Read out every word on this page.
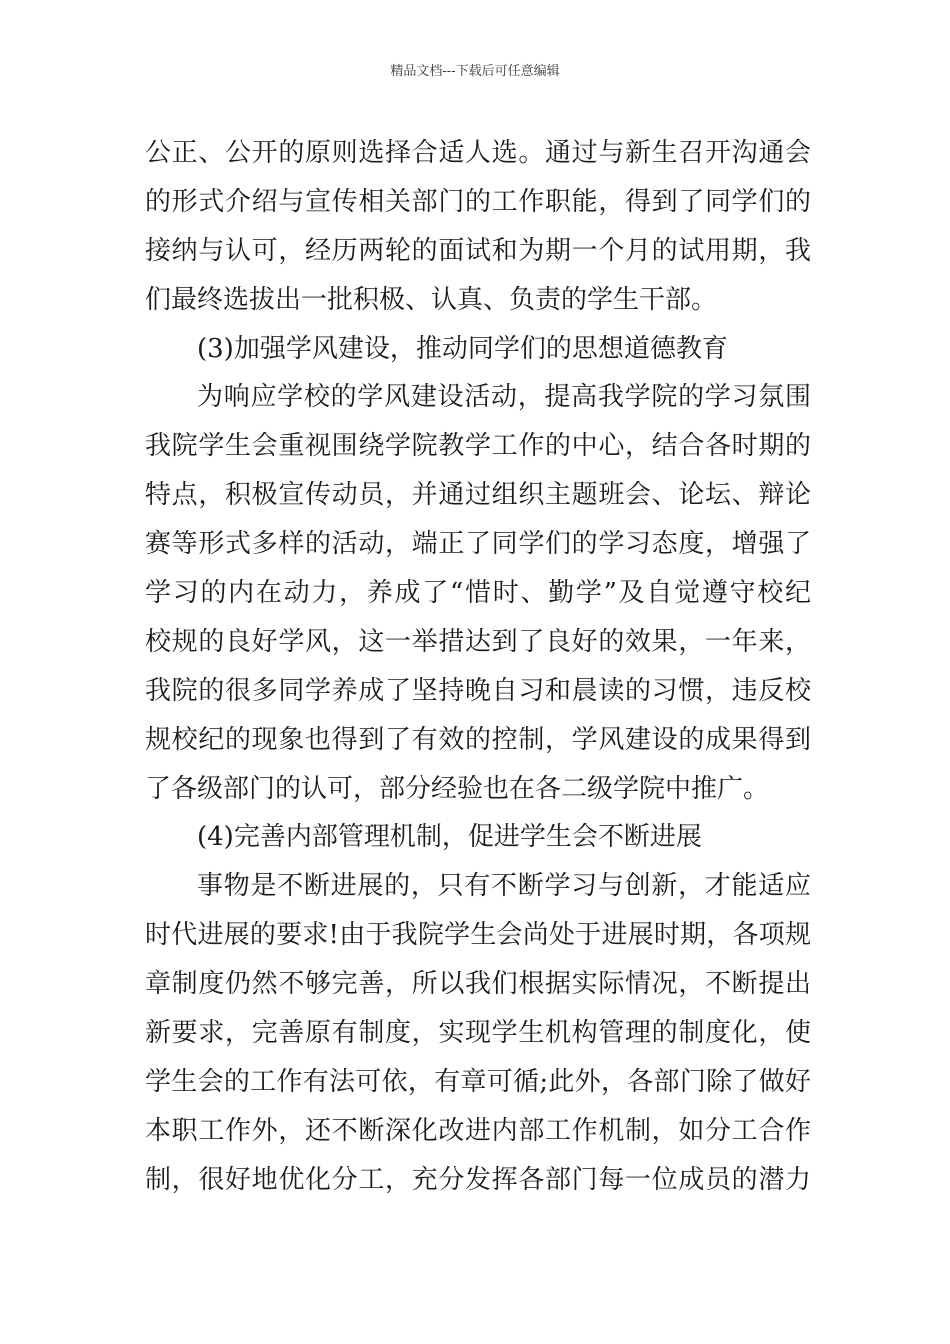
精品文档---下载后可任意编辑
公正、公开的原则选择合适人选。通过与新生召开沟通会
的形式介绍与宣传相关部门的工作职能，得到了同学们的
接纳与认可，经历两轮的面试和为期一个月的试用期，我
们最终选拔出一批积极、认真、负责的学生干部。
(3)加强学风建设，推动同学们的思想道德教育
为响应学校的学风建设活动，提高我学院的学习氛围
我院学生会重视围绕学院教学工作的中心，结合各时期的
特点，积极宣传动员，并通过组织主题班会、论坛、辩论
赛等形式多样的活动，端正了同学们的学习态度，增强了
学习的内在动力，养成了“惜时、勤学”及自觉遵守校纪
校规的良好学风，这一举措达到了良好的效果，一年来，
我院的很多同学养成了坚持晚自习和晨读的习惯，违反校
规校纪的现象也得到了有效的控制，学风建设的成果得到
了各级部门的认可，部分经验也在各二级学院中推广。
(4)完善内部管理机制，促进学生会不断进展
事物是不断进展的，只有不断学习与创新，才能适应
时代进展的要求!由于我院学生会尚处于进展时期，各项规
章制度仍然不够完善，所以我们根据实际情况，不断提出
新要求，完善原有制度，实现学生机构管理的制度化，使
学生会的工作有法可依，有章可循;此外，各部门除了做好
本职工作外，还不断深化改进内部工作机制，如分工合作
制，很好地优化分工，充分发挥各部门每一位成员的潜力
